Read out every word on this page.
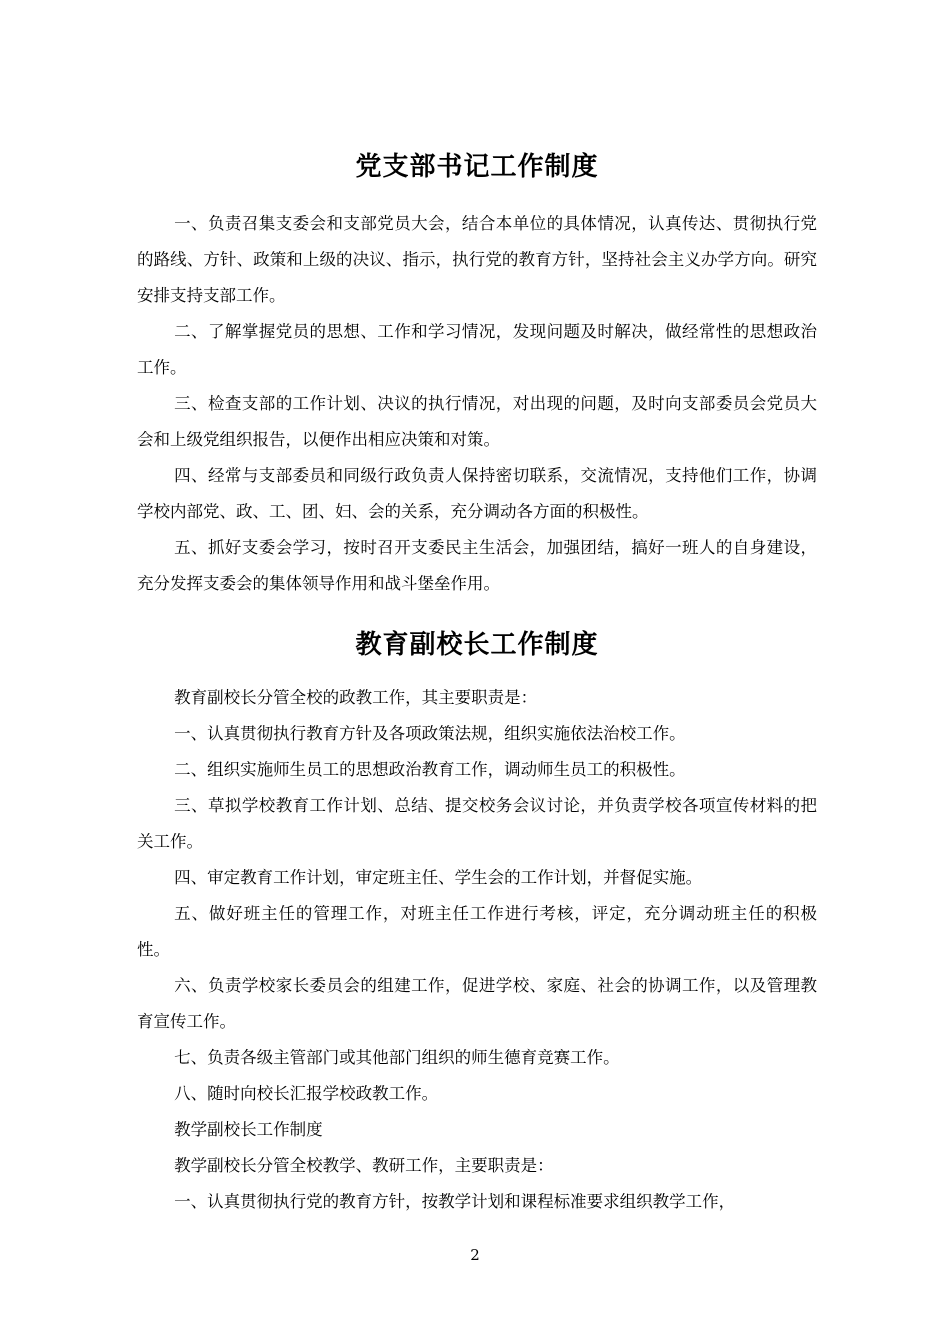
党支部书记工作制度

一、负责召集支委会和支部党员大会，结合本单位的具体情况，认真传达、贯彻执行党的路线、方针、政策和上级的决议、指示，执行党的教育方针，坚持社会主义办学方向。研究安排支持支部工作。

二、了解掌握党员的思想、工作和学习情况，发现问题及时解决，做经常性的思想政治工作。

三、检查支部的工作计划、决议的执行情况，对出现的问题，及时向支部委员会党员大会和上级党组织报告，以便作出相应决策和对策。

四、经常与支部委员和同级行政负责人保持密切联系，交流情况，支持他们工作，协调学校内部党、政、工、团、妇、会的关系，充分调动各方面的积极性。

五、抓好支委会学习，按时召开支委民主生活会，加强团结，搞好一班人的自身建设，充分发挥支委会的集体领导作用和战斗堡垒作用。

教育副校长工作制度

教育副校长分管全校的政教工作，其主要职责是：

一、认真贯彻执行教育方针及各项政策法规，组织实施依法治校工作。

二、组织实施师生员工的思想政治教育工作，调动师生员工的积极性。

三、草拟学校教育工作计划、总结、提交校务会议讨论，并负责学校各项宣传材料的把关工作。

四、审定教育工作计划，审定班主任、学生会的工作计划，并督促实施。

五、做好班主任的管理工作，对班主任工作进行考核，评定，充分调动班主任的积极性。

六、负责学校家长委员会的组建工作，促进学校、家庭、社会的协调工作，以及管理教育宣传工作。

七、负责各级主管部门或其他部门组织的师生德育竞赛工作。

八、随时向校长汇报学校政教工作。

教学副校长工作制度

教学副校长分管全校教学、教研工作，主要职责是：

一、认真贯彻执行党的教育方针，按教学计划和课程标准要求组织教学工作，

2
